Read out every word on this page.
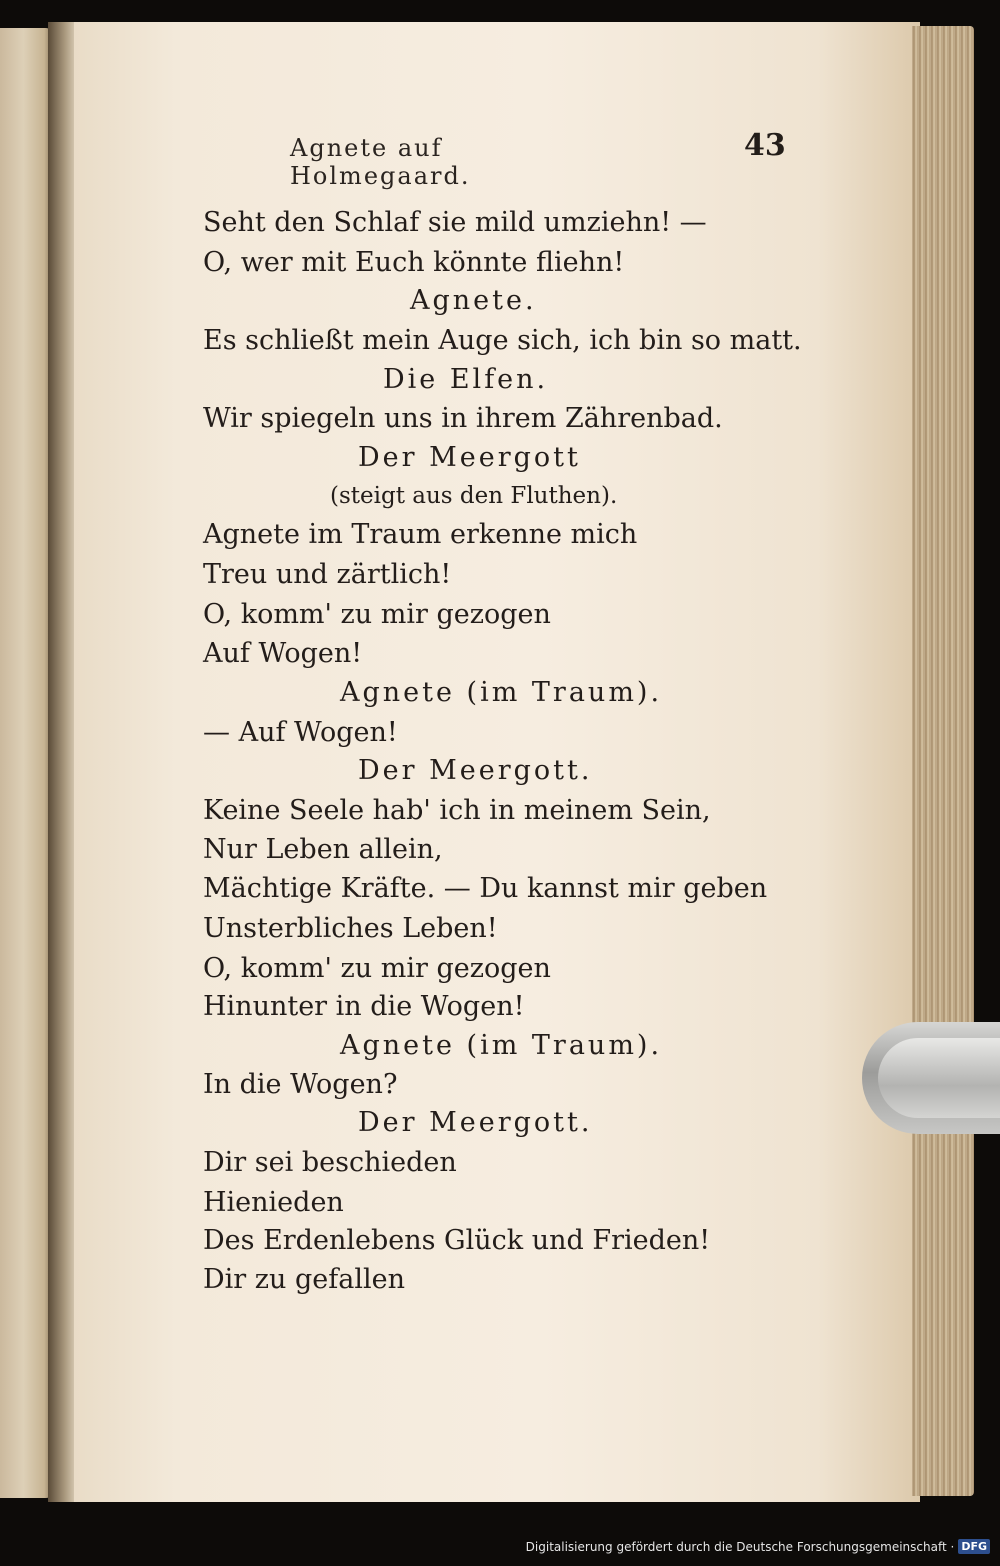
Agnete auf Holmegaard.
43
Seht den Schlaf sie mild umziehn! —
O, wer mit Euch könnte fliehn!
Agnete.
Es schließt mein Auge sich, ich bin so matt.
Die Elfen.
Wir spiegeln uns in ihrem Zährenbad.
Der Meergott
(steigt aus den Fluthen).
Agnete im Traum erkenne mich
Treu und zärtlich!
O, komm' zu mir gezogen
Auf Wogen!
Agnete (im Traum).
— Auf Wogen!
Der Meergott.
Keine Seele hab' ich in meinem Sein,
Nur Leben allein,
Mächtige Kräfte. — Du kannst mir geben
Unsterbliches Leben!
O, komm' zu mir gezogen
Hinunter in die Wogen!
Agnete (im Traum).
In die Wogen?
Der Meergott.
Dir sei beschieden
Hienieden
Des Erdenlebens Glück und Frieden!
Dir zu gefallen
Digitalisierung gefördert durch die Deutsche Forschungsgemeinschaft · DFG
